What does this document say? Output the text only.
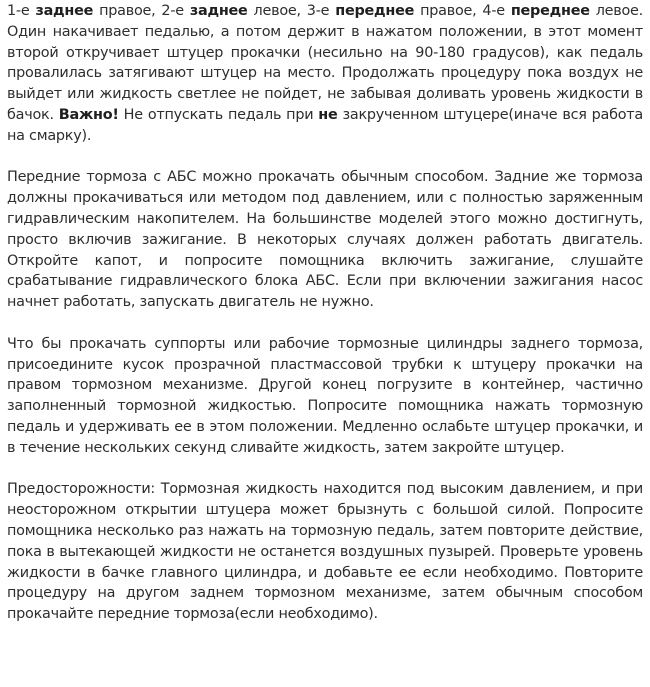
1-е заднее правое, 2-е заднее левое, 3-е переднее правое, 4-е переднее левое. Один накачивает педалью, а потом держит в нажатом положении, в этот момент второй откручивает штуцер прокачки (несильно на 90-180 градусов), как педаль провалилась затягивают штуцер на место. Продолжать процедуру пока воздух не выйдет или жидкость светлее не пойдет, не забывая доливать уровень жидкости в бачок. Важно! Не отпускать педаль при не закрученном штуцере(иначе вся работа на смарку).

Передние тормоза с АБС можно прокачать обычным способом. Задние же тормоза должны прокачиваться или методом под давлением, или с полностью заряженным гидравлическим накопителем. На большинстве моделей этого можно достигнуть, просто включив зажигание. В некоторых случаях должен работать двигатель. Откройте капот, и попросите помощника включить зажигание, слушайте срабатывание гидравлического блока АБС. Если при включении зажигания насос начнет работать, запускать двигатель не нужно.

Что бы прокачать суппорты или рабочие тормозные цилиндры заднего тормоза, присоедините кусок прозрачной пластмассовой трубки к штуцеру прокачки на правом тормозном механизме. Другой конец погрузите в контейнер, частично заполненный тормозной жидкостью. Попросите помощника нажать тормозную педаль и удерживать ее в этом положении. Медленно ослабьте штуцер прокачки, и в течение нескольких секунд сливайте жидкость, затем закройте штуцер.

Предосторожности: Тормозная жидкость находится под высоким давлением, и при неосторожном открытии штуцера может брызнуть с большой силой. Попросите помощника несколько раз нажать на тормозную педаль, затем повторите действие, пока в вытекающей жидкости не останется воздушных пузырей. Проверьте уровень жидкости в бачке главного цилиндра, и добавьте ее если необходимо. Повторите процедуру на другом заднем тормозном механизме, затем обычным способом прокачайте передние тормоза(если необходимо).
